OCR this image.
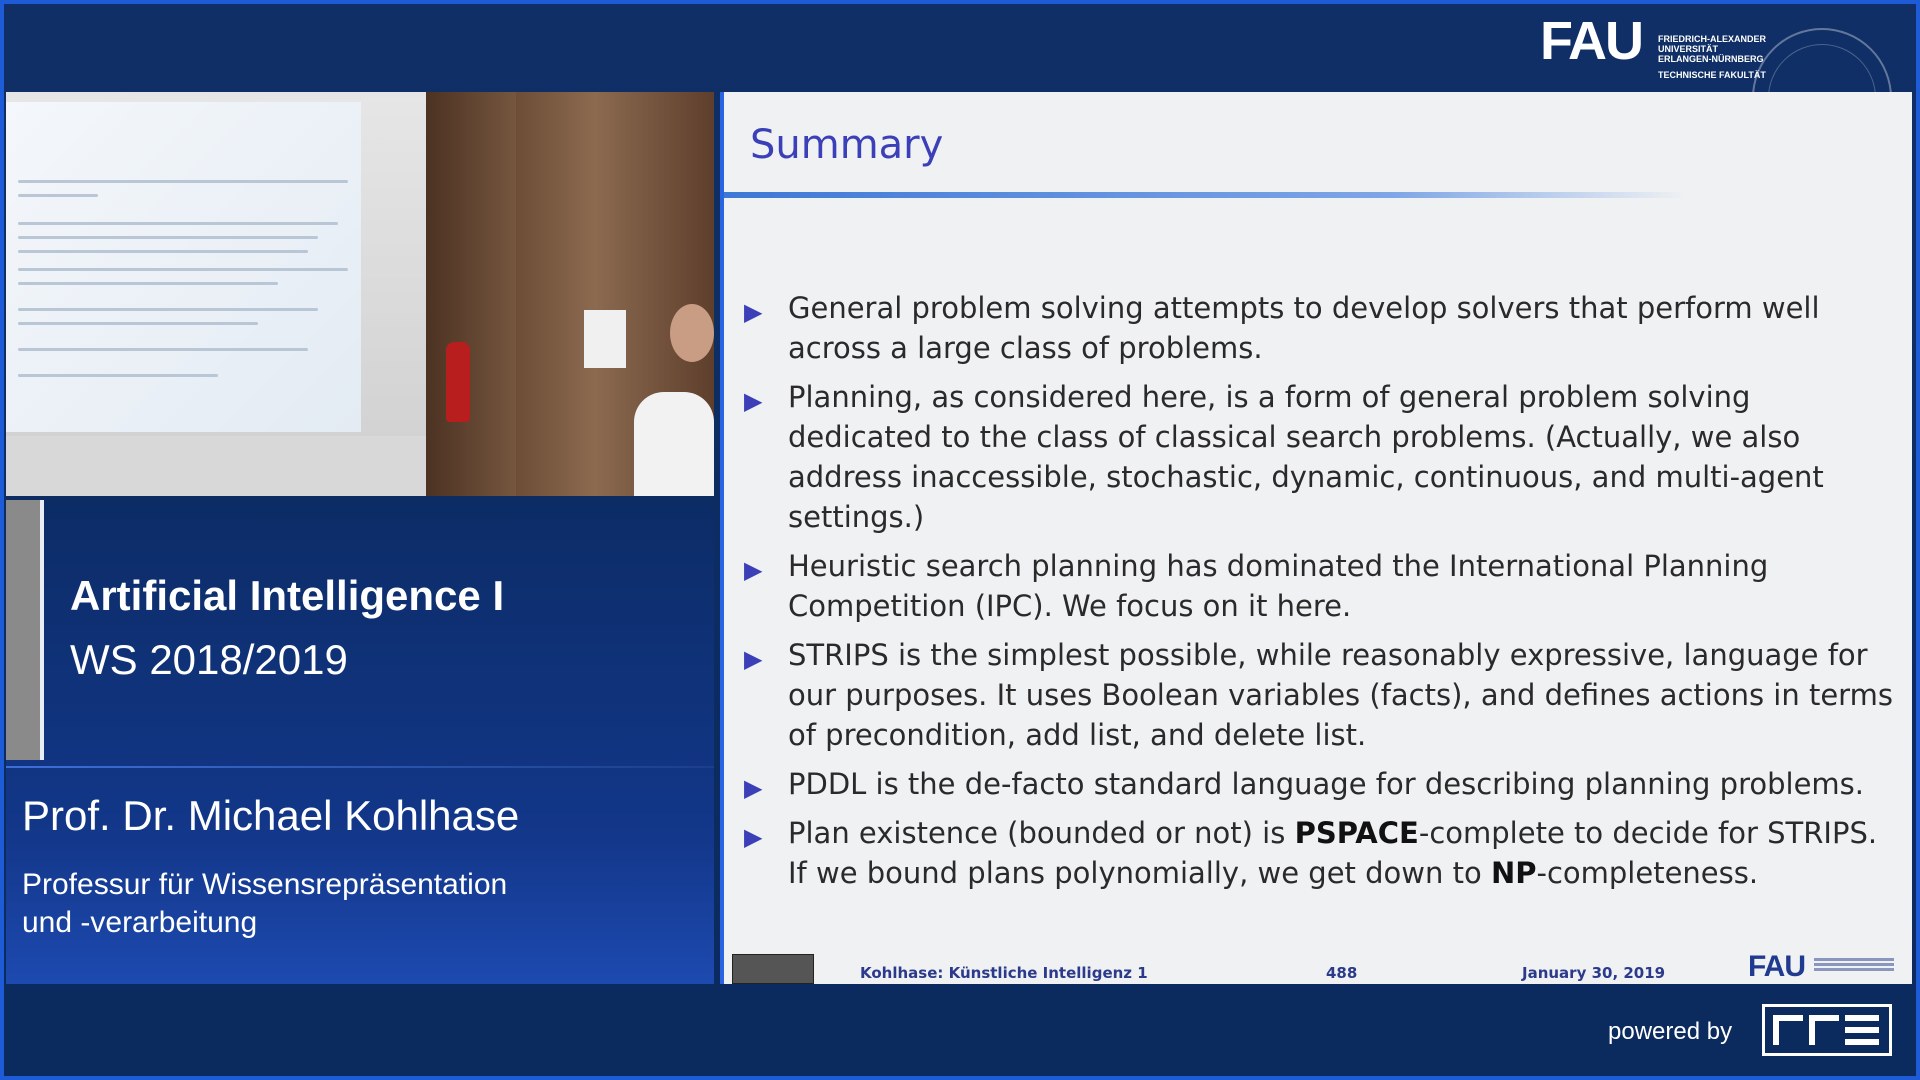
FAU FRIEDRICH-ALEXANDER
UNIVERSITÄT
ERLANGEN-NÜRNBERG
TECHNISCHE FAKULTÄT
Artificial Intelligence I
WS 2018/2019
Prof. Dr. Michael Kohlhase
Professur für Wissensrepräsentation
und -verarbeitung
Summary
▶ General problem solving attempts to develop solvers that perform well across a large class of problems.
▶ Planning, as considered here, is a form of general problem solving dedicated to the class of classical search problems. (Actually, we also address inaccessible, stochastic, dynamic, continuous, and multi-agent settings.)
▶ Heuristic search planning has dominated the International Planning Competition (IPC). We focus on it here.
▶ STRIPS is the simplest possible, while reasonably expressive, language for our purposes. It uses Boolean variables (facts), and defines actions in terms of precondition, add list, and delete list.
▶ PDDL is the de-facto standard language for describing planning problems.
▶ Plan existence (bounded or not) is PSPACE-complete to decide for STRIPS. If we bound plans polynomially, we get down to NP-completeness.
Kohlhase: Künstliche Intelligenz 1	488	January 30, 2019	FAU
powered by
